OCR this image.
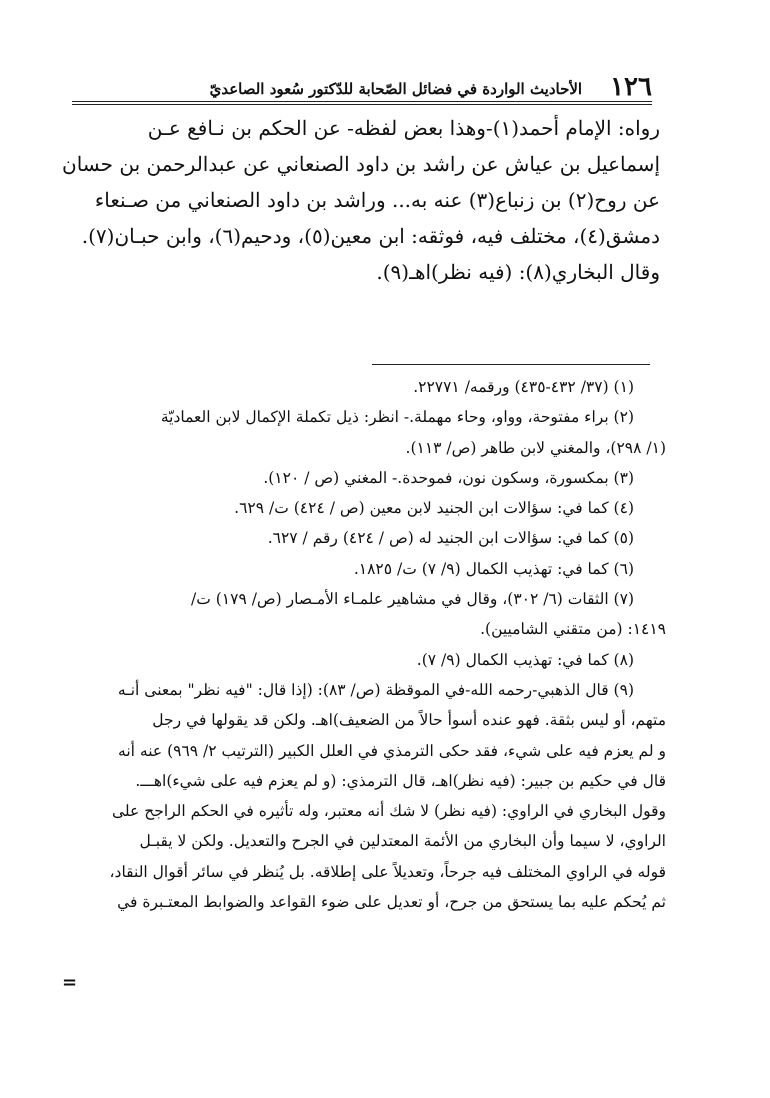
١٢٦
الأحاديث الواردة في فضائل الصّحابة للدّكتور سُعود الصاعديّ
رواه: الإمام أحمد(١)-وهذا بعض لفظه- عن الحكم بن نـافع عـن
إسماعيل بن عياش عن راشد بن داود الصنعاني عن عبدالرحمن بن حسان
عن روح(٢) بن زنباع(٣) عنه به... وراشد بن داود الصنعاني من صـنعاء
دمشق(٤)، مختلف فيه، فوثقه: ابن معين(٥)، ودحيم(٦)، وابن حبـان(٧).
وقال البخاري(٨): (فيه نظر)اهـ(٩).
(١) (٣٧/ ٤٣٢-٤٣٥) ورقمه/ ٢٢٧٧١.
(٢) براء مفتوحة، وواو، وحاء مهملة.- انظر: ذيل تكملة الإكمال لابن العماديّة
(١/ ٢٩٨)، والمغني لابن طاهر (ص/ ١١٣).
(٣) بمكسورة، وسكون نون، فموحدة.- المغني (ص / ١٢٠).
(٤) كما في: سؤالات ابن الجنيد لابن معين (ص / ٤٢٤) ت/ ٦٢٩.
(٥) كما في: سؤالات ابن الجنيد له (ص / ٤٢٤) رقم / ٦٢٧.
(٦) كما في: تهذيب الكمال (٩/ ٧) ت/ ١٨٢٥.
(٧) الثقات (٦/ ٣٠٢)، وقال في مشاهير علمـاء الأمـصار (ص/ ١٧٩) ت/
١٤١٩: (من متقني الشاميين).
(٨) كما في: تهذيب الكمال (٩/ ٧).
(٩) قال الذهبي-رحمه الله-في الموقظة (ص/ ٨٣): (إذا قال: "فيه نظر" بمعنى أنـه
متهم، أو ليس بثقة. فهو عنده أسوأ حالاً من الضعيف)اهـ. ولكن قد يقولها في رجل
و لم يعزم فيه على شيء، فقد حكى الترمذي في العلل الكبير (الترتيب ٢/ ٩٦٩) عنه أنه
قال في حكيم بن جبير: (فيه نظر)اهـ، قال الترمذي: (و لم يعزم فيه على شيء)اهـــ.
وقول البخاري في الراوي: (فيه نظر) لا شك أنه معتبر، وله تأثيره في الحكم الراجح على
الراوي، لا سيما وأن البخاري من الأئمة المعتدلين في الجرح والتعديل. ولكن لا يقبـل
قوله في الراوي المختلف فيه جرحاً، وتعديلاً على إطلاقه. بل يُنظر في سائر أقوال النقاد،
ثم يُحكم عليه بما يستحق من جرح، أو تعديل على ضوء القواعد والضوابط المعتـبرة في
=
